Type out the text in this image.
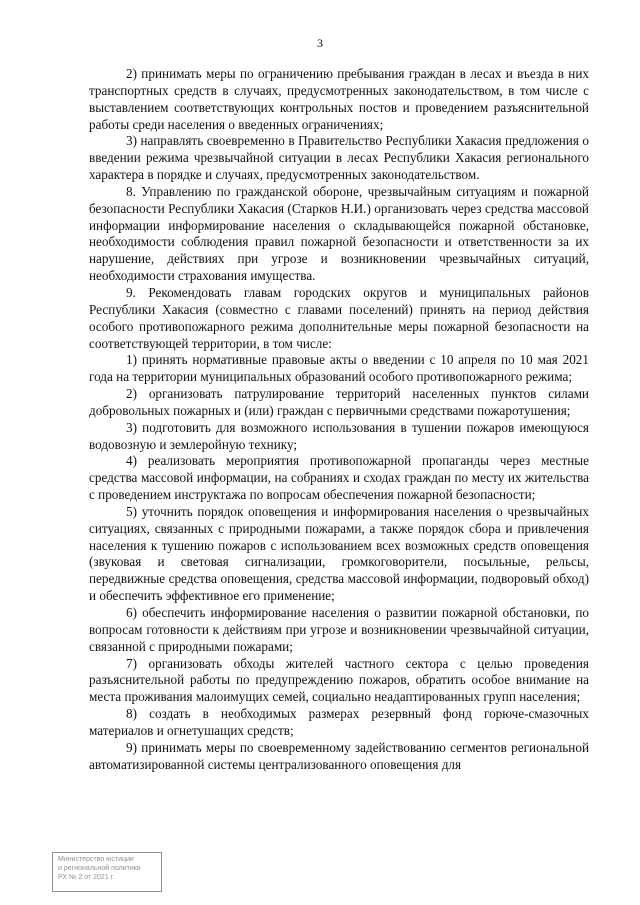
3

2) принимать меры по ограничению пребывания граждан в лесах и въезда в них транспортных средств в случаях, предусмотренных законодательством, в том числе с выставлением соответствующих контрольных постов и проведением разъяснительной работы среди населения о введенных ограничениях;

3) направлять своевременно в Правительство Республики Хакасия предложения о введении режима чрезвычайной ситуации в лесах Республики Хакасия регионального характера в порядке и случаях, предусмотренных законодательством.

8. Управлению по гражданской обороне, чрезвычайным ситуациям и пожарной безопасности Республики Хакасия (Старков Н.И.) организовать через средства массовой информации информирование населения о складывающейся пожарной обстановке, необходимости соблюдения правил пожарной безопасности и ответственности за их нарушение, действиях при угрозе и возникновении чрезвычайных ситуаций, необходимости страхования имущества.

9. Рекомендовать главам городских округов и муниципальных районов Республики Хакасия (совместно с главами поселений) принять на период действия особого противопожарного режима дополнительные меры пожарной безопасности на соответствующей территории, в том числе:

1) принять нормативные правовые акты о введении с 10 апреля по 10 мая 2021 года на территории муниципальных образований особого противопожарного режима;

2) организовать патрулирование территорий населенных пунктов силами добровольных пожарных и (или) граждан с первичными средствами пожаротушения;

3) подготовить для возможного использования в тушении пожаров имеющуюся водовозную и землеройную технику;

4) реализовать мероприятия противопожарной пропаганды через местные средства массовой информации, на собраниях и сходах граждан по месту их жительства с проведением инструктажа по вопросам обеспечения пожарной безопасности;

5) уточнить порядок оповещения и информирования населения о чрезвычайных ситуациях, связанных с природными пожарами, а также порядок сбора и привлечения населения к тушению пожаров с использованием всех возможных средств оповещения (звуковая и световая сигнализации, громкоговорители, посыльные, рельсы, передвижные средства оповещения, средства массовой информации, подворовый обход) и обеспечить эффективное его применение;

6) обеспечить информирование населения о развитии пожарной обстановки, по вопросам готовности к действиям при угрозе и возникновении чрезвычайной ситуации, связанной с природными пожарами;

7) организовать обходы жителей частного сектора с целью проведения разъяснительной работы по предупреждению пожаров, обратить особое внимание на места проживания малоимущих семей, социально неадаптированных групп населения;

8) создать в необходимых размерах резервный фонд горюче-смазочных материалов и огнетушащих средств;

9) принимать меры по своевременному задействованию сегментов региональной автоматизированной системы централизованного оповещения для

Министерство юстиции
и региональной политики
РХ № 2 от 2021 г.
